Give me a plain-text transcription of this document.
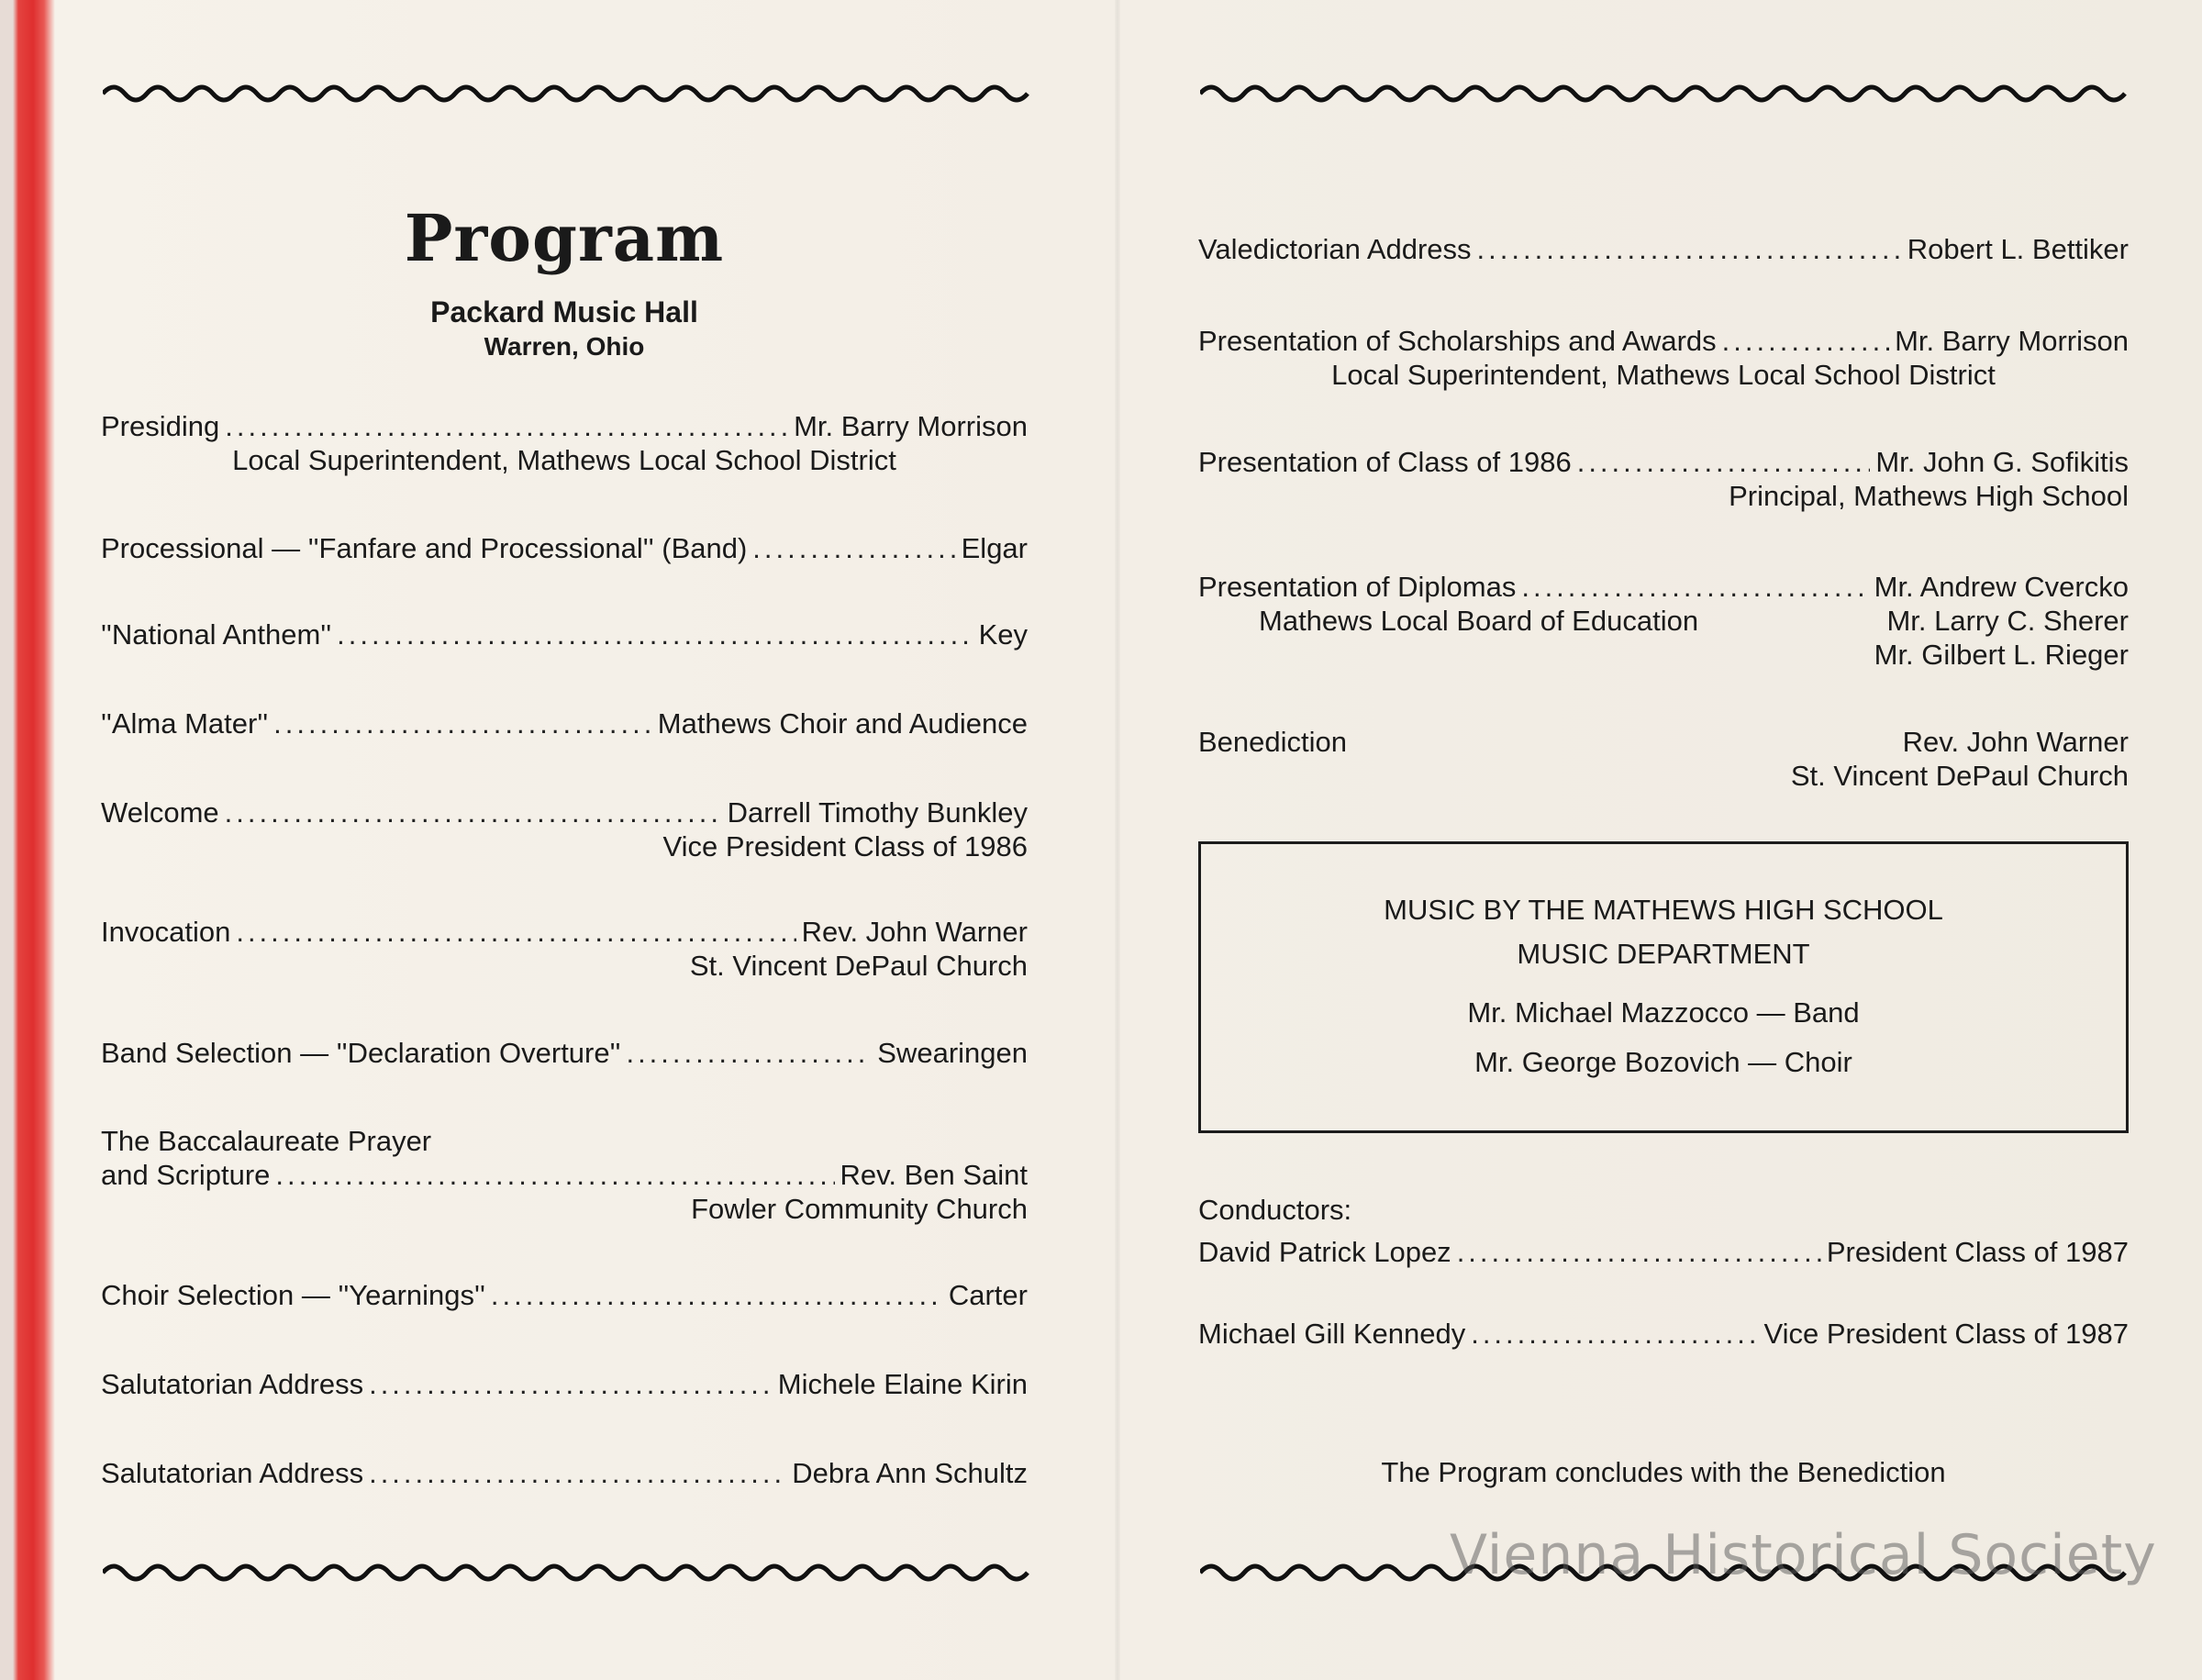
Program
Packard Music Hall
Warren, Ohio
Presiding .....	Mr. Barry Morrison
Local Superintendent, Mathews Local School District
Processional — ''Fanfare and Processional'' (Band) .....	Elgar
''National Anthem'' .....	Key
''Alma Mater'' .....	Mathews Choir and Audience
Welcome .....	Darrell Timothy Bunkley
Vice President Class of 1986
Invocation .....	Rev. John Warner
St. Vincent DePaul Church
Band Selection — ''Declaration Overture'' .....	Swearingen
The Baccalaureate Prayer
and Scripture .....	Rev. Ben Saint
Fowler Community Church
Choir Selection — ''Yearnings'' .....	Carter
Salutatorian Address .....	Michele Elaine Kirin
Salutatorian Address .....	Debra Ann Schultz
Valedictorian Address .....	Robert L. Bettiker
Presentation of Scholarships and Awards .....	Mr. Barry Morrison
Local Superintendent, Mathews Local School District
Presentation of Class of 1986 .....	Mr. John G. Sofikitis
Principal, Mathews High School
Presentation of Diplomas .....	Mr. Andrew Cvercko
Mathews Local Board of Education	Mr. Larry C. Sherer
Mr. Gilbert L. Rieger
Benediction	Rev. John Warner
St. Vincent DePaul Church
MUSIC BY THE MATHEWS HIGH SCHOOL
MUSIC DEPARTMENT
Mr. Michael Mazzocco — Band
Mr. George Bozovich — Choir
Conductors:
David Patrick Lopez .....	President Class of 1987
Michael Gill Kennedy .....	Vice President Class of 1987
The Program concludes with the Benediction
Vienna Historical Society
